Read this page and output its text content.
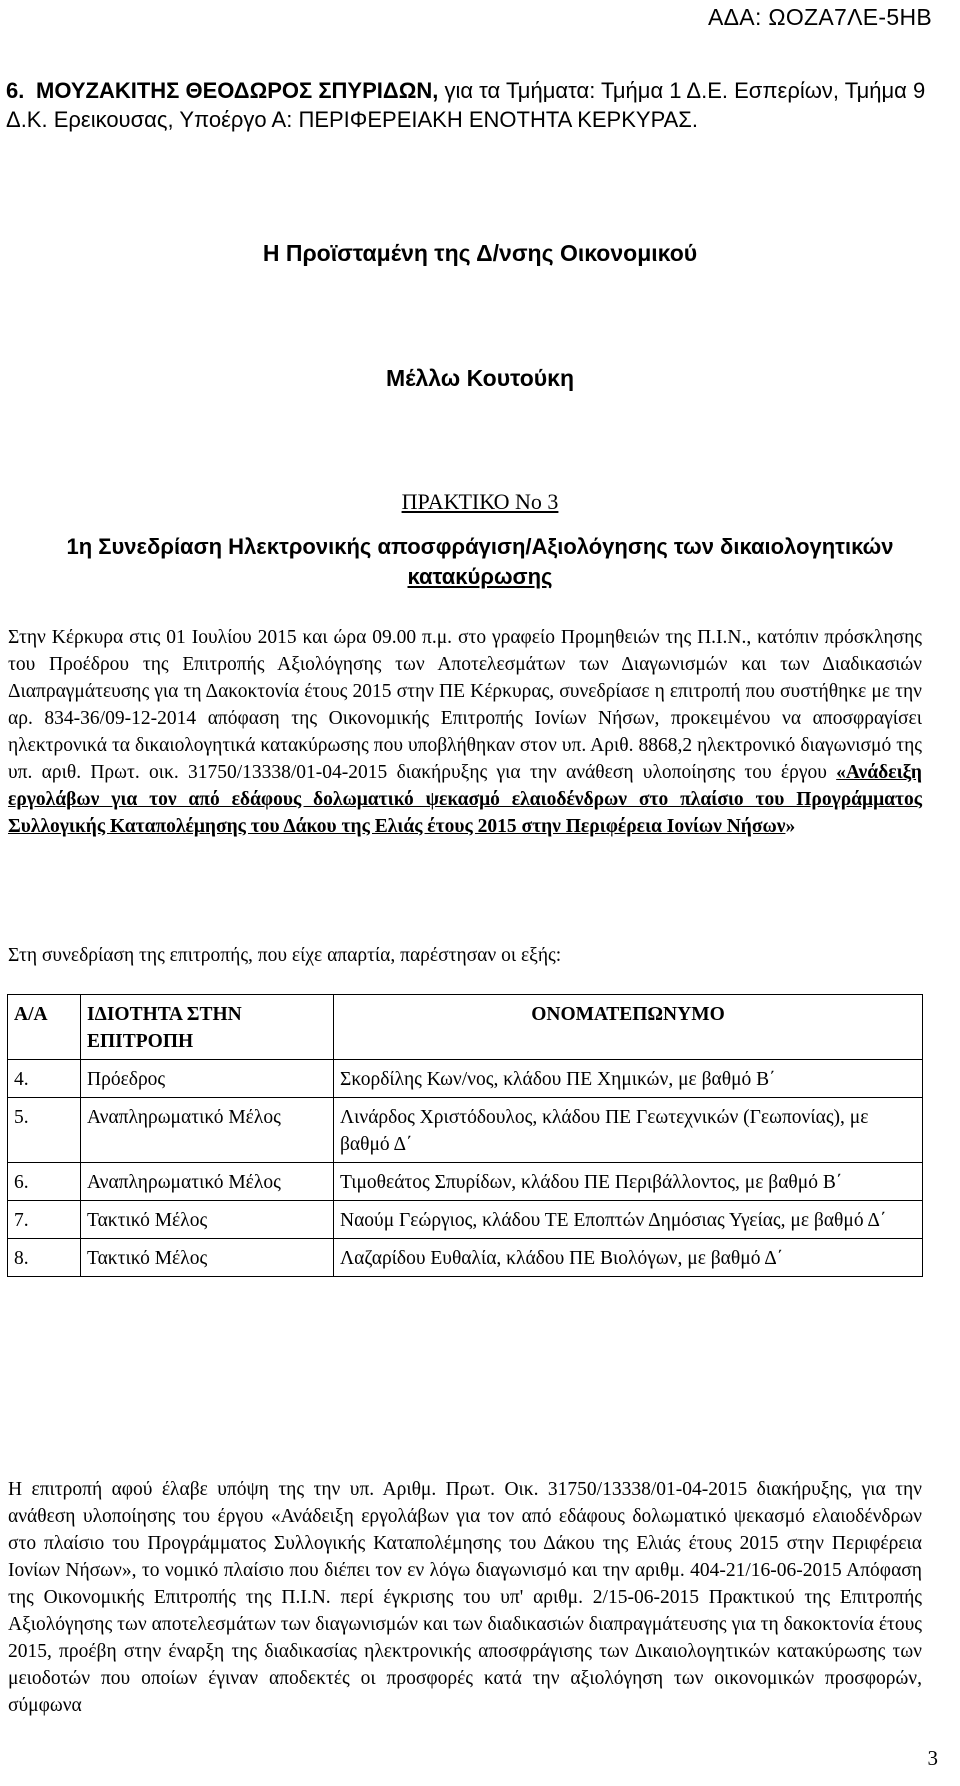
ΑΔΑ: ΩΟΖΑ7ΛΕ-5ΗΒ
6. ΜΟΥΖΑΚΙΤΗΣ ΘΕΟΔΩΡΟΣ ΣΠΥΡΙΔΩΝ, για τα Τμήματα: Τμήμα 1 Δ.Ε. Εσπερίων, Τμήμα 9 Δ.Κ. Ερεικουσας, Υποέργο Α: ΠΕΡΙΦΕΡΕΙΑΚΗ ΕΝΟΤΗΤΑ ΚΕΡΚΥΡΑΣ.
Η Προϊσταμένη της Δ/νσης Οικονομικού
Μέλλω Κουτούκη
ΠΡΑΚΤΙΚΟ Νο 3
1η Συνεδρίαση Ηλεκτρονικής αποσφράγιση/Αξιολόγησης των δικαιολογητικών
κατακύρωσης
Στην Κέρκυρα στις 01 Ιουλίου 2015 και ώρα 09.00 π.μ. στο γραφείο Προμηθειών της Π.Ι.Ν., κατόπιν πρόσκλησης του Προέδρου της Επιτροπής Αξιολόγησης των Αποτελεσμάτων των Διαγωνισμών και των Διαδικασιών Διαπραγμάτευσης για τη Δακοκτονία έτους 2015 στην ΠΕ Κέρκυρας, συνεδρίασε η επιτροπή που συστήθηκε με την αρ. 834-36/09-12-2014 απόφαση της Οικονομικής Επιτροπής Ιονίων Νήσων, προκειμένου να αποσφραγίσει ηλεκτρονικά τα δικαιολογητικά κατακύρωσης που υποβλήθηκαν στον υπ. Αριθ. 8868,2 ηλεκτρονικό διαγωνισμό της υπ. αριθ. Πρωτ. οικ. 31750/13338/01-04-2015 διακήρυξης για την ανάθεση υλοποίησης του έργου «Ανάδειξη εργολάβων για τον από εδάφους δολωματικό ψεκασμό ελαιοδένδρων στο πλαίσιο του Προγράμματος Συλλογικής Καταπολέμησης του Δάκου της Ελιάς έτους 2015 στην Περιφέρεια Ιονίων Νήσων»
Στη συνεδρίαση της επιτροπής, που είχε απαρτία, παρέστησαν οι εξής:
Α/Α	ΙΔΙΟΤΗΤΑ ΣΤΗΝ ΕΠΙΤΡΟΠΗ	ΟΝΟΜΑΤΕΠΩΝΥΜΟ
4.	Πρόεδρος	Σκορδίλης Κων/νος, κλάδου ΠΕ Χημικών, με βαθμό Β΄
5.	Αναπληρωματικό Μέλος	Λινάρδος Χριστόδουλος, κλάδου ΠΕ Γεωτεχνικών (Γεωπονίας), με βαθμό Δ΄
6.	Αναπληρωματικό Μέλος	Τιμοθεάτος Σπυρίδων, κλάδου ΠΕ Περιβάλλοντος, με βαθμό Β΄
7.	Τακτικό Μέλος	Ναούμ Γεώργιος, κλάδου ΤΕ Εποπτών Δημόσιας Υγείας, με βαθμό Δ΄
8.	Τακτικό Μέλος	Λαζαρίδου Ευθαλία, κλάδου ΠΕ Βιολόγων, με βαθμό Δ΄
Η επιτροπή αφού έλαβε υπόψη της την υπ. Αριθμ. Πρωτ. Οικ. 31750/13338/01-04-2015 διακήρυξης, για την ανάθεση υλοποίησης του έργου «Ανάδειξη εργολάβων για τον από εδάφους δολωματικό ψεκασμό ελαιοδένδρων στο πλαίσιο του Προγράμματος Συλλογικής Καταπολέμησης του Δάκου της Ελιάς έτους 2015 στην Περιφέρεια Ιονίων Νήσων», το νομικό πλαίσιο που διέπει τον εν λόγω διαγωνισμό και την αριθμ. 404-21/16-06-2015 Απόφαση της Οικονομικής Επιτροπής της Π.Ι.Ν. περί έγκρισης του υπ' αριθμ. 2/15-06-2015 Πρακτικού της Επιτροπής Αξιολόγησης των αποτελεσμάτων των διαγωνισμών και των διαδικασιών διαπραγμάτευσης για τη δακοκτονία έτους 2015, προέβη στην έναρξη της διαδικασίας ηλεκτρονικής αποσφράγισης των Δικαιολογητικών κατακύρωσης των μειοδοτών που οποίων έγιναν αποδεκτές οι προσφορές κατά την αξιολόγηση των οικονομικών προσφορών, σύμφωνα
3
